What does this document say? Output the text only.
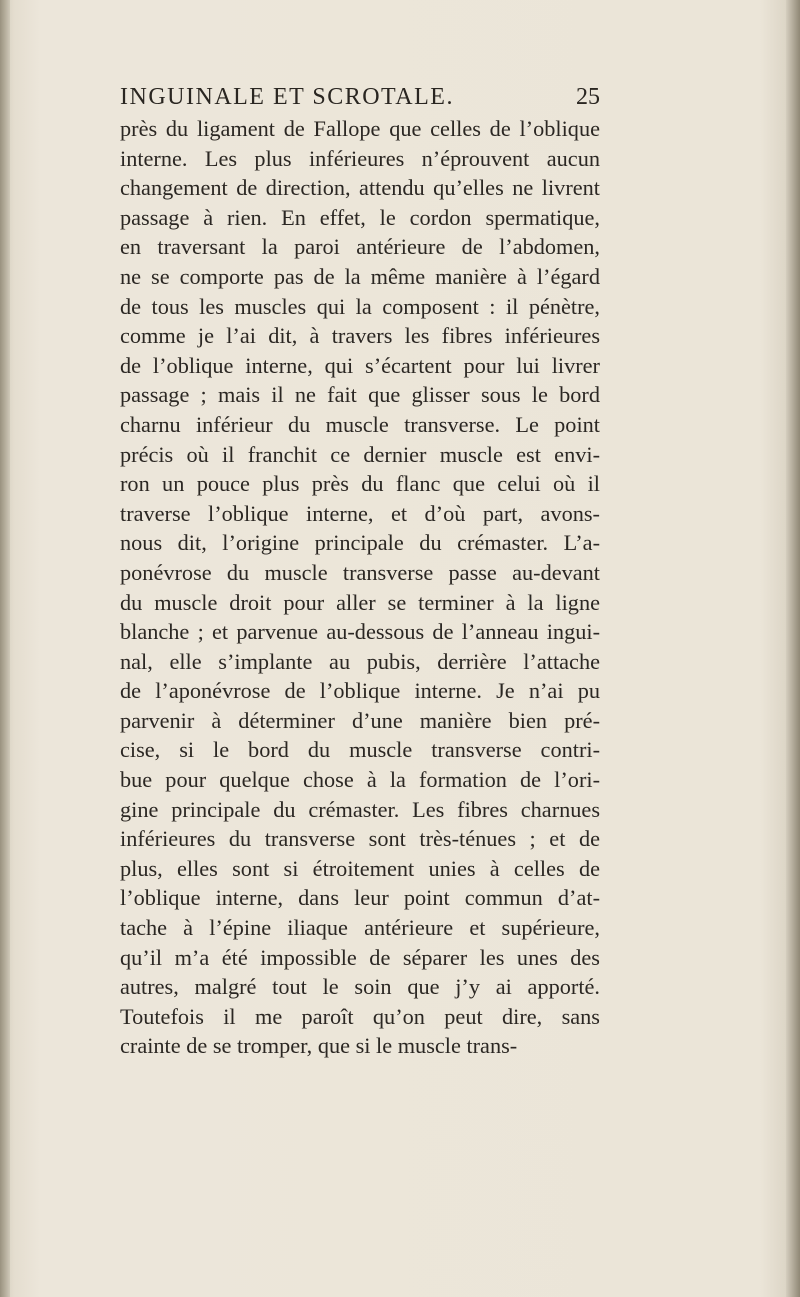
INGUINALE ET SCROTALE.	25
près du ligament de Fallope que celles de l’oblique
interne. Les plus inférieures n’éprouvent aucun
changement de direction, attendu qu’elles ne livrent
passage à rien. En effet, le cordon spermatique,
en traversant la paroi antérieure de l’abdomen,
ne se comporte pas de la même manière à l’égard
de tous les muscles qui la composent : il pénètre,
comme je l’ai dit, à travers les fibres inférieures
de l’oblique interne, qui s’écartent pour lui livrer
passage ; mais il ne fait que glisser sous le bord
charnu inférieur du muscle transverse. Le point
précis où il franchit ce dernier muscle est envi-
ron un pouce plus près du flanc que celui où il
traverse l’oblique interne, et d’où part, avons-
nous dit, l’origine principale du crémaster. L’a-
ponévrose du muscle transverse passe au-devant
du muscle droit pour aller se terminer à la ligne
blanche ; et parvenue au-dessous de l’anneau ingui-
nal, elle s’implante au pubis, derrière l’attache
de l’aponévrose de l’oblique interne. Je n’ai pu
parvenir à déterminer d’une manière bien pré-
cise, si le bord du muscle transverse contri-
bue pour quelque chose à la formation de l’ori-
gine principale du crémaster. Les fibres charnues
inférieures du transverse sont très-ténues ; et de
plus, elles sont si étroitement unies à celles de
l’oblique interne, dans leur point commun d’at-
tache à l’épine iliaque antérieure et supérieure,
qu’il m’a été impossible de séparer les unes des
autres, malgré tout le soin que j’y ai apporté.
Toutefois il me paroît qu’on peut dire, sans
crainte de se tromper, que si le muscle trans-
